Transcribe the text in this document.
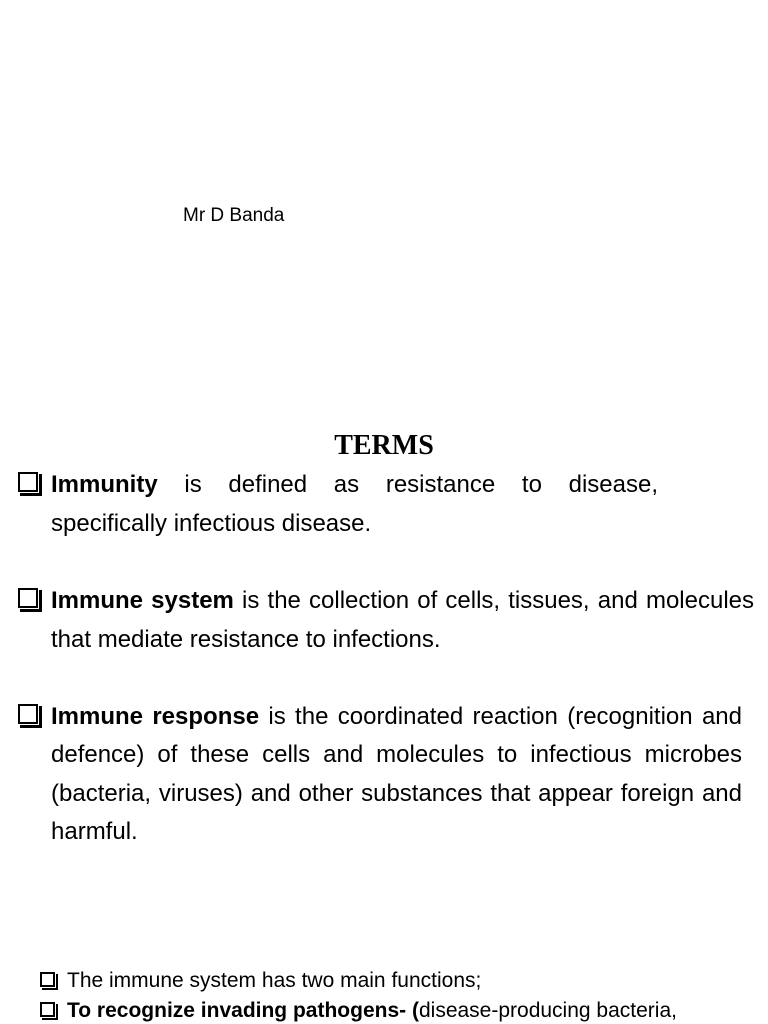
Mr D Banda
TERMS

Immunity is defined as resistance to disease, specifically infectious disease.

Immune system is the collection of cells, tissues, and molecules that mediate resistance to infections.

Immune response is the coordinated reaction (recognition and defence) of these cells and molecules to infectious microbes (bacteria, viruses) and other substances that appear foreign and harmful.

The immune system has two main functions;

To recognize invading pathogens- (disease-producing bacteria,
